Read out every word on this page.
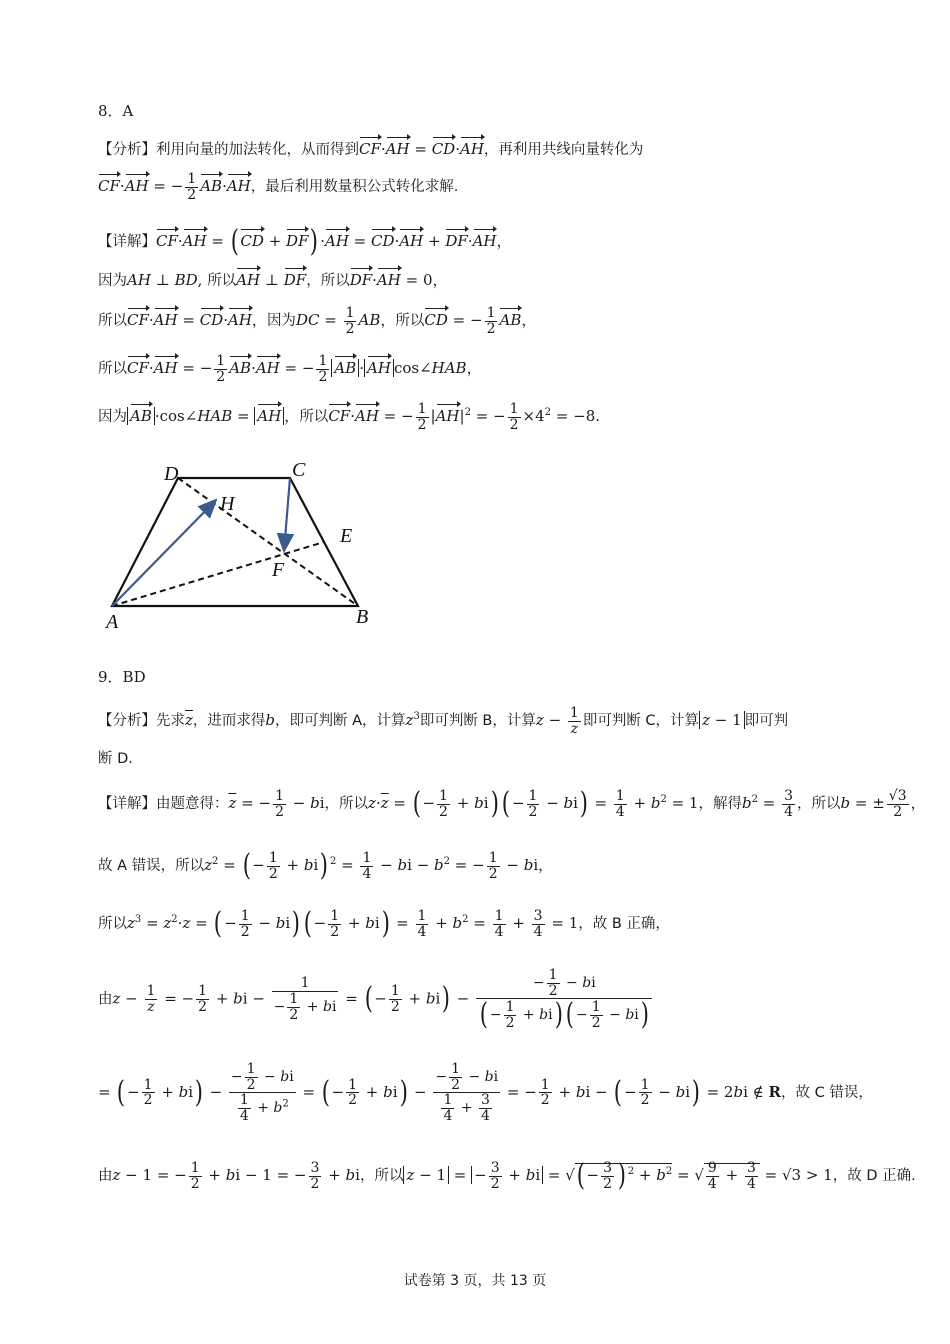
8．A
【分析】利用向量的加法转化，从而得到CF·AH = CD·AH，再利用共线向量转化为
CF·AH = − $\frac{1}{2} AB\cdot AH$，最后利用数量积公式转化求解.
【详解】CF·AH = ( CD + DF) ·AH = CD·AH + DF·AH，
因为AH ⊥ BD, 所以AH ⊥ DF，所以DF·AH = 0，
所以CF·AH = CD·AH，因为DC = $\frac{1}{2}$ AB，所以CD = − $\frac{1}{2}$ AB，
所以CF·AH = − $\frac{1}{2} AB\cdot AH$ = − $\frac{1}{2}$ AB · AH cos∠HAB，
因为 AB ·cos∠HAB = AH ，所以CF·AH = − $\frac{1}{2} |AH|^2$ = − $\frac{1}{2} \times 4^2 = -8$.
A	B
C
D
E
F
H
9．BD
【分析】先求$\overline{z}$，进而求得b，即可判断 A，计算$z^3$即可判断 B，计算$z - \frac{1}{z}$ 即可判断 C，计算 z − 1 即可判
断 D.
【详解】由题意得：$\overline{z}$ = − $\frac{1}{2}$ − bi，所以$z\cdot\overline{z}$ = ( − $\frac{1}{2} + bi$) ( − $\frac{1}{2} - bi) = \frac{1}{4} + b^2 = 1$，解得$b^2 = \frac{3}{4}$ ，所以b = ± $\frac{√3}{2}$ ，
故 A 错误，所以$z^2$ = ( − $\frac{1}{2} + bi$) $^2 = \frac{1}{4}$ − bi − $b^2$ = − $\frac{1}{2}$ − bi，
所以$z^3 = z^2\cdot z$ = ( − $\frac{1}{2} - bi$) ( − $\frac{1}{2} + bi) = \frac{1}{4} + b^2 = \frac{1}{4} + \frac{3}{4} = 1$，故 B 正确，
由$z - \frac{1}{z}$ = − $\frac{1}{2}$ + bi − $\frac{1}{- \frac{1}{2} + bi}$ = ( − $\frac{1}{2} + bi) - \frac{- \frac{1}{2} - bi}{( - \frac{1}{2} + bi) ( - \frac{1}{2} - bi)}$
= ( − $\frac{1}{2} + bi) - \frac{- \frac{1}{2} - bi}{\frac{1}{4} + b^2}$ = ( − $\frac{1}{2} + bi) - \frac{- \frac{1}{2} - bi}{\frac{1}{4} + \frac{3}{4}}$ = − $\frac{1}{2}$ + bi − ( − $\frac{1}{2} - bi) = 2bi$ ∉ R，故 C 错误，
由z − 1 = − $\frac{1}{2}$ + bi − 1 = − $\frac{3}{2}$ + bi，所以 z − 1 = − $\frac{3}{2}$ + bi = √( − $\frac{3}{2}$ ) $^2 + b^2$ = √ $\frac{9}{4} + \frac{3}{4} = √3 > 1$，故 D 正确.
试卷第 3 页，共 13 页
